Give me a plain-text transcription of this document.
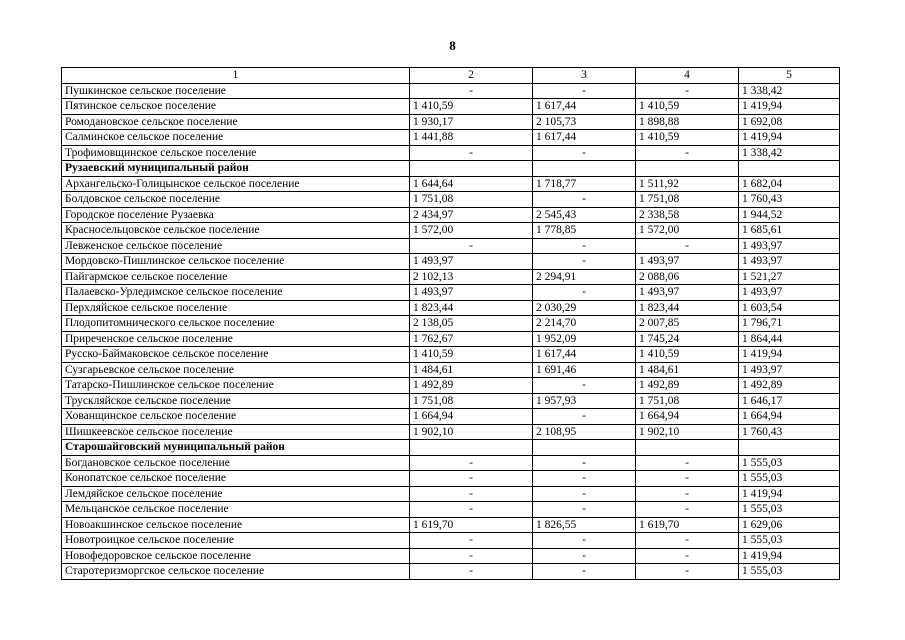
8
1	2	3	4	5
Пушкинское сельское поселение	-	-	-	1 338,42
Пятинское сельское поселение	1 410,59	1 617,44	1 410,59	1 419,94
Ромодановское сельское поселение	1 930,17	2 105,73	1 898,88	1 692,08
Салминское сельское поселение	1 441,88	1 617,44	1 410,59	1 419,94
Трофимовщинское сельское поселение	-	-	-	1 338,42
Рузаевский муниципальный район				
Архангельско-Голицынское сельское поселение	1 644,64	1 718,77	1 511,92	1 682,04
Болдовское сельское поселение	1 751,08	-	1 751,08	1 760,43
Городское поселение Рузаевка	2 434,97	2 545,43	2 338,58	1 944,52
Красносельцовское сельское поселение	1 572,00	1 778,85	1 572,00	1 685,61
Левженское сельское поселение	-	-	-	1 493,97
Мордовско-Пишлинское сельское поселение	1 493,97	-	1 493,97	1 493,97
Пайгармское сельское поселение	2 102,13	2 294,91	2 088,06	1 521,27
Палаевско-Урледимское сельское поселение	1 493,97	-	1 493,97	1 493,97
Перхляйское сельское поселение	1 823,44	2 030,29	1 823,44	1 603,54
Плодопитомнического сельское поселение	2 138,05	2 214,70	2 007,85	1 796,71
Приреченское сельское поселение	1 762,67	1 952,09	1 745,24	1 864,44
Русско-Баймаковское сельское поселение	1 410,59	1 617,44	1 410,59	1 419,94
Сузгарьевское сельское поселение	1 484,61	1 691,46	1 484,61	1 493,97
Татарско-Пишлинское сельское поселение	1 492,89	-	1 492,89	1 492,89
Трускляйское сельское поселение	1 751,08	1 957,93	1 751,08	1 646,17
Хованщинское сельское поселение	1 664,94	-	1 664,94	1 664,94
Шишкеевское сельское поселение	1 902,10	2 108,95	1 902,10	1 760,43
Старошайговский муниципальный район				
Богдановское сельское поселение	-	-	-	1 555,03
Конопатское сельское поселение	-	-	-	1 555,03
Лемдяйское сельское поселение	-	-	-	1 419,94
Мельцанское сельское поселение	-	-	-	1 555,03
Новоакшинское сельское поселение	1 619,70	1 826,55	1 619,70	1 629,06
Новотроицкое сельское поселение	-	-	-	1 555,03
Новофедоровское сельское поселение	-	-	-	1 419,94
Старотеризморгское сельское поселение	-	-	-	1 555,03
